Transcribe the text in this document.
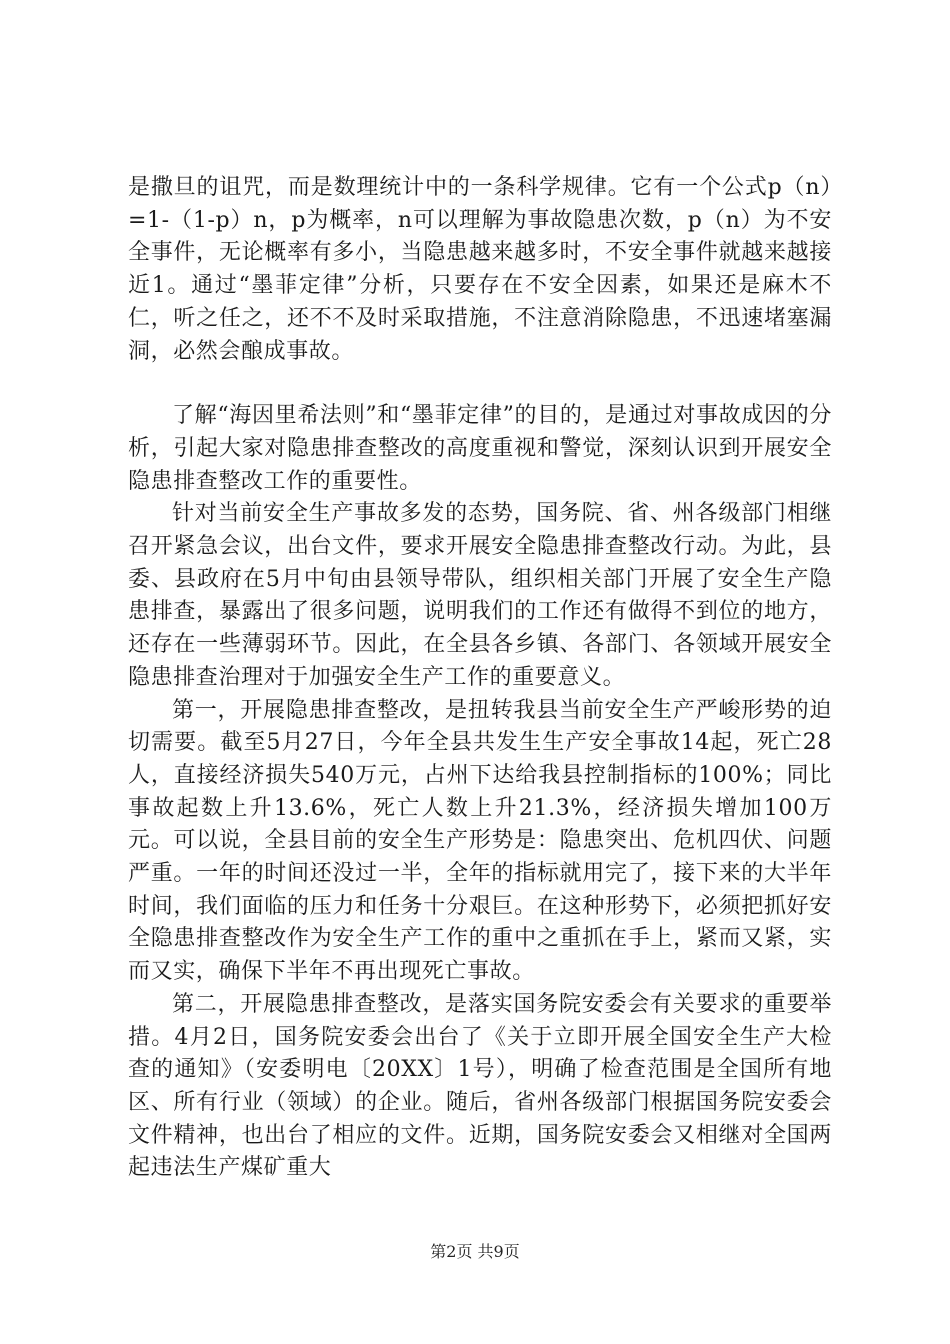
是撒旦的诅咒，而是数理统计中的一条科学规律。它有一个公式p（n）=1-（1-p）n，p为概率，n可以理解为事故隐患次数，p（n）为不安全事件，无论概率有多小，当隐患越来越多时，不安全事件就越来越接近1。通过“墨菲定律”分析，只要存在不安全因素，如果还是麻木不仁，听之任之，还不不及时采取措施，不注意消除隐患，不迅速堵塞漏洞，必然会酿成事故。

了解“海因里希法则”和“墨菲定律”的目的，是通过对事故成因的分析，引起大家对隐患排查整改的高度重视和警觉，深刻认识到开展安全隐患排查整改工作的重要性。

针对当前安全生产事故多发的态势，国务院、省、州各级部门相继召开紧急会议，出台文件，要求开展安全隐患排查整改行动。为此，县委、县政府在5月中旬由县领导带队，组织相关部门开展了安全生产隐患排查，暴露出了很多问题，说明我们的工作还有做得不到位的地方，还存在一些薄弱环节。因此，在全县各乡镇、各部门、各领域开展安全隐患排查治理对于加强安全生产工作的重要意义。

第一，开展隐患排查整改，是扭转我县当前安全生产严峻形势的迫切需要。截至5月27日，今年全县共发生生产安全事故14起，死亡28人，直接经济损失540万元，占州下达给我县控制指标的100%；同比事故起数上升13.6%，死亡人数上升21.3%，经济损失增加100万元。可以说，全县目前的安全生产形势是：隐患突出、危机四伏、问题严重。一年的时间还没过一半，全年的指标就用完了，接下来的大半年时间，我们面临的压力和任务十分艰巨。在这种形势下，必须把抓好安全隐患排查整改作为安全生产工作的重中之重抓在手上，紧而又紧，实而又实，确保下半年不再出现死亡事故。

第二，开展隐患排查整改，是落实国务院安委会有关要求的重要举措。4月2日，国务院安委会出台了《关于立即开展全国安全生产大检查的通知》（安委明电〔20XX〕1号），明确了检查范围是全国所有地区、所有行业（领域）的企业。随后，省州各级部门根据国务院安委会文件精神，也出台了相应的文件。近期，国务院安委会又相继对全国两起违法生产煤矿重大

第2页 共9页
